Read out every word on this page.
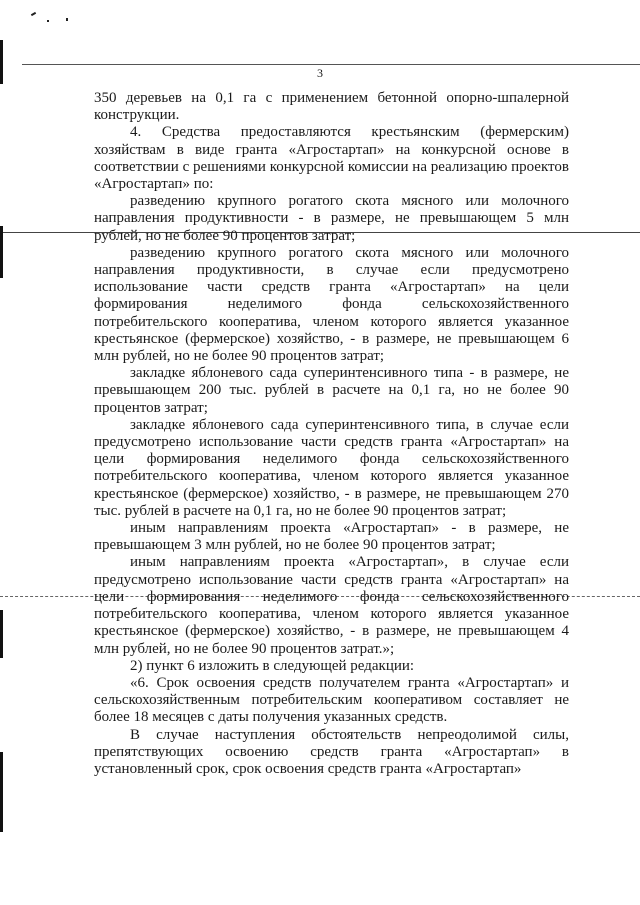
3

350 деревьев на 0,1 га с применением бетонной опорно-шпалерной конструкции.

4. Средства предоставляются крестьянским (фермерским) хозяйствам в виде гранта «Агростартап» на конкурсной основе в соответствии с решениями конкурсной комиссии на реализацию проектов «Агростартап» по:

разведению крупного рогатого скота мясного или молочного направления продуктивности - в размере, не превышающем 5 млн рублей, но не более 90 процентов затрат;

разведению крупного рогатого скота мясного или молочного направления продуктивности, в случае если предусмотрено использование части средств гранта «Агростартап» на цели формирования неделимого фонда сельскохозяйственного потребительского кооператива, членом которого является указанное крестьянское (фермерское) хозяйство, - в размере, не превышающем 6 млн рублей, но не более 90 процентов затрат;

закладке яблоневого сада суперинтенсивного типа - в размере, не превышающем 200 тыс. рублей в расчете на 0,1 га, но не более 90 процентов затрат;

закладке яблоневого сада суперинтенсивного типа, в случае если предусмотрено использование части средств гранта «Агростартап» на цели формирования неделимого фонда сельскохозяйственного потребительского кооператива, членом которого является указанное крестьянское (фермерское) хозяйство, - в размере, не превышающем 270 тыс. рублей в расчете на 0,1 га, но не более 90 процентов затрат;

иным направлениям проекта «Агростартап» - в размере, не превышающем 3 млн рублей, но не более 90 процентов затрат;

иным направлениям проекта «Агростартап», в случае если предусмотрено использование части средств гранта «Агростартап» на цели формирования неделимого фонда сельскохозяйственного потребительского кооператива, членом которого является указанное крестьянское (фермерское) хозяйство, - в размере, не превышающем 4 млн рублей, но не более 90 процентов затрат.»;

2) пункт 6 изложить в следующей редакции:

«6. Срок освоения средств получателем гранта «Агростартап» и сельскохозяйственным потребительским кооперативом составляет не более 18 месяцев с даты получения указанных средств.

В случае наступления обстоятельств непреодолимой силы, препятствующих освоению средств гранта «Агростартап» в установленный срок, срок освоения средств гранта «Агростартап»
